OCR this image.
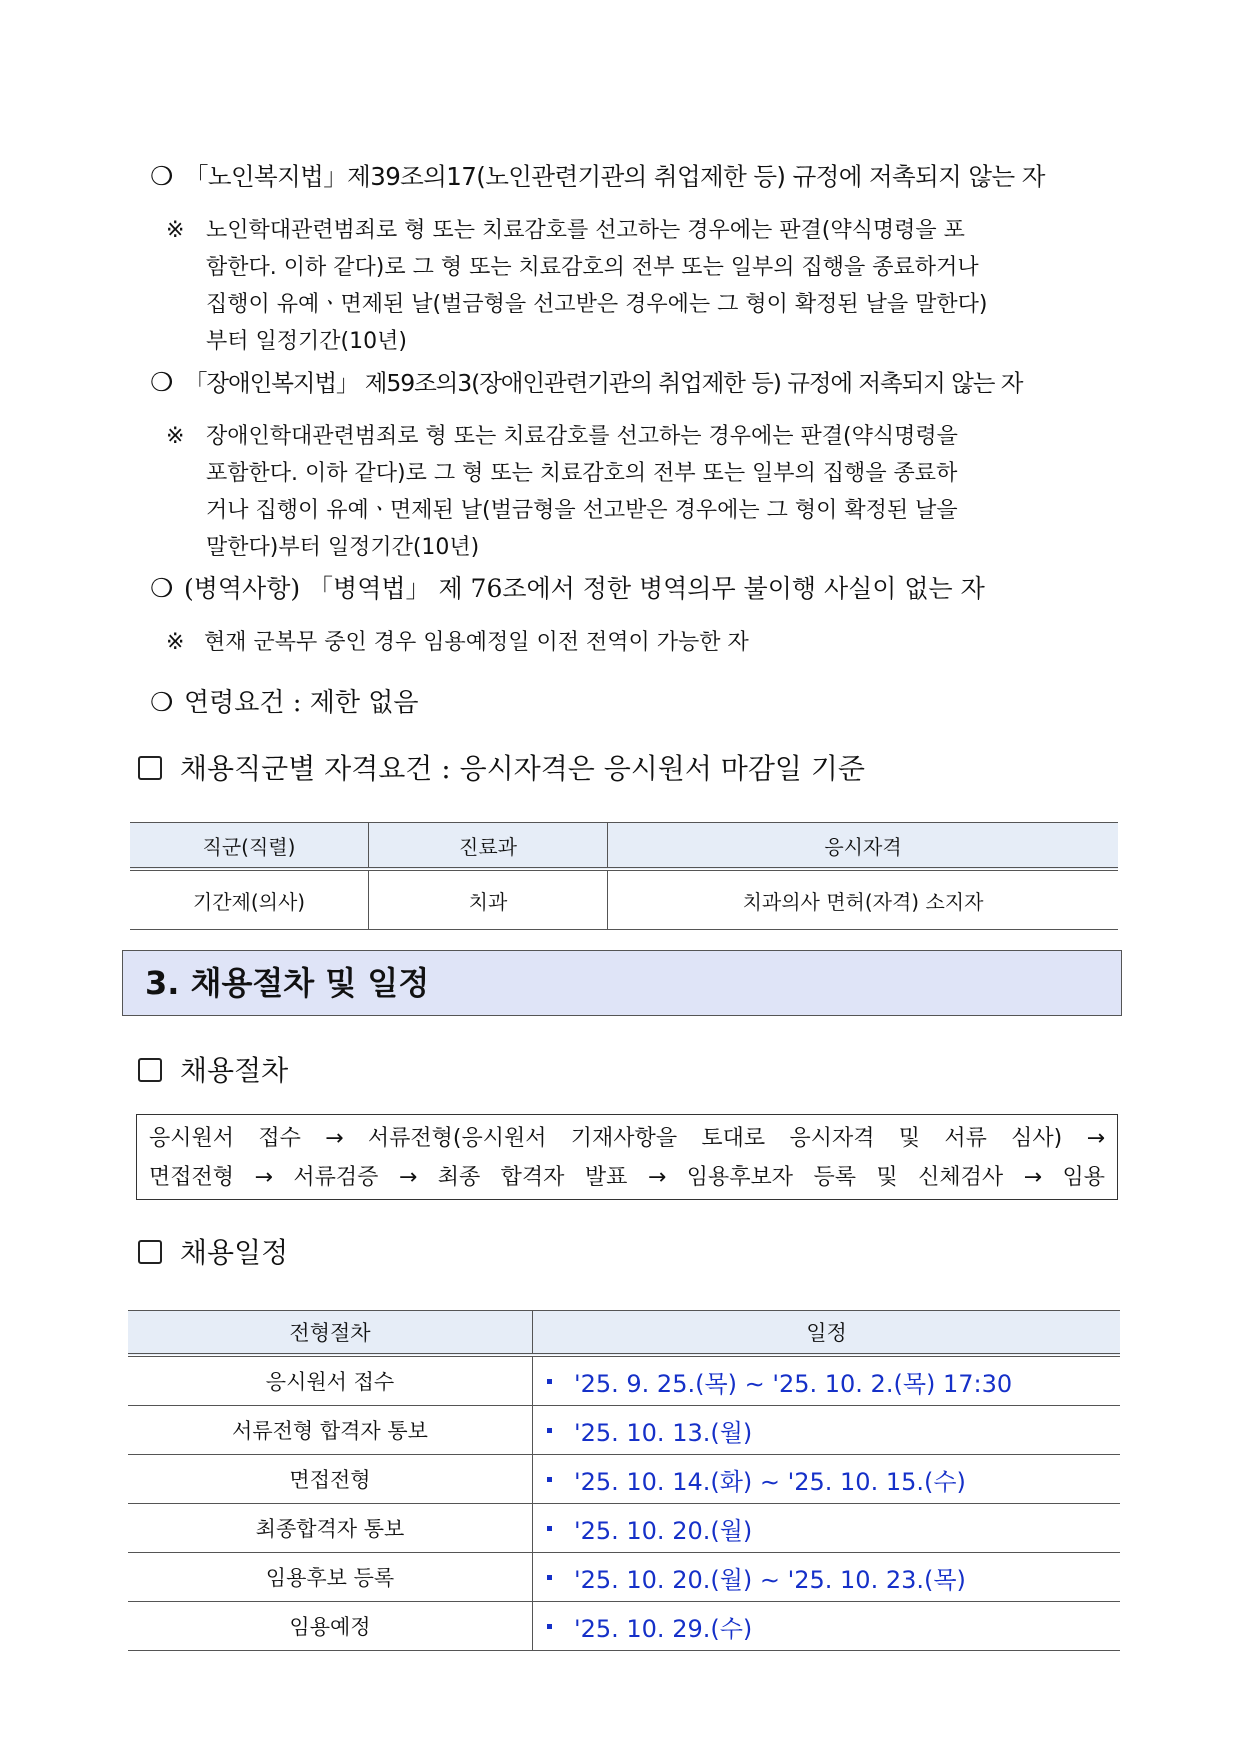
❍ 「노인복지법」제39조의17(노인관련기관의 취업제한 등) 규정에 저촉되지 않는 자
※ 노인학대관련범죄로 형 또는 치료감호를 선고하는 경우에는 판결(약식명령을 포
함한다. 이하 같다)로 그 형 또는 치료감호의 전부 또는 일부의 집행을 종료하거나
집행이 유예ㆍ면제된 날(벌금형을 선고받은 경우에는 그 형이 확정된 날을 말한다)
부터 일정기간(10년)
❍ 「장애인복지법」 제59조의3(장애인관련기관의 취업제한 등) 규정에 저촉되지 않는 자
※ 장애인학대관련범죄로 형 또는 치료감호를 선고하는 경우에는 판결(약식명령을
포함한다. 이하 같다)로 그 형 또는 치료감호의 전부 또는 일부의 집행을 종료하
거나 집행이 유예ㆍ면제된 날(벌금형을 선고받은 경우에는 그 형이 확정된 날을
말한다)부터 일정기간(10년)
❍ (병역사항) 「병역법」 제 76조에서 정한 병역의무 불이행 사실이 없는 자
※ 현재 군복무 중인 경우 임용예정일 이전 전역이 가능한 자
❍ 연령요건 : 제한 없음
채용직군별 자격요건 : 응시자격은 응시원서 마감일 기준
직군(직렬)	진료과	응시자격
기간제(의사)	치과	치과의사 면허(자격) 소지자
3. 채용절차 및 일정
채용절차
응시원서 접수 → 서류전형(응시원서 기재사항을 토대로 응시자격 및 서류 심사) →
면접전형 → 서류검증 → 최종 합격자 발표 → 임용후보자 등록 및 신체검사 → 임용
채용일정
전형절차	일정
응시원서 접수	'25. 9. 25.(목) ∼ '25. 10. 2.(목) 17:30
서류전형 합격자 통보	'25. 10. 13.(월)
면접전형	'25. 10. 14.(화) ∼ '25. 10. 15.(수)
최종합격자 통보	'25. 10. 20.(월)
임용후보 등록	'25. 10. 20.(월) ∼ '25. 10. 23.(목)
임용예정	'25. 10. 29.(수)
